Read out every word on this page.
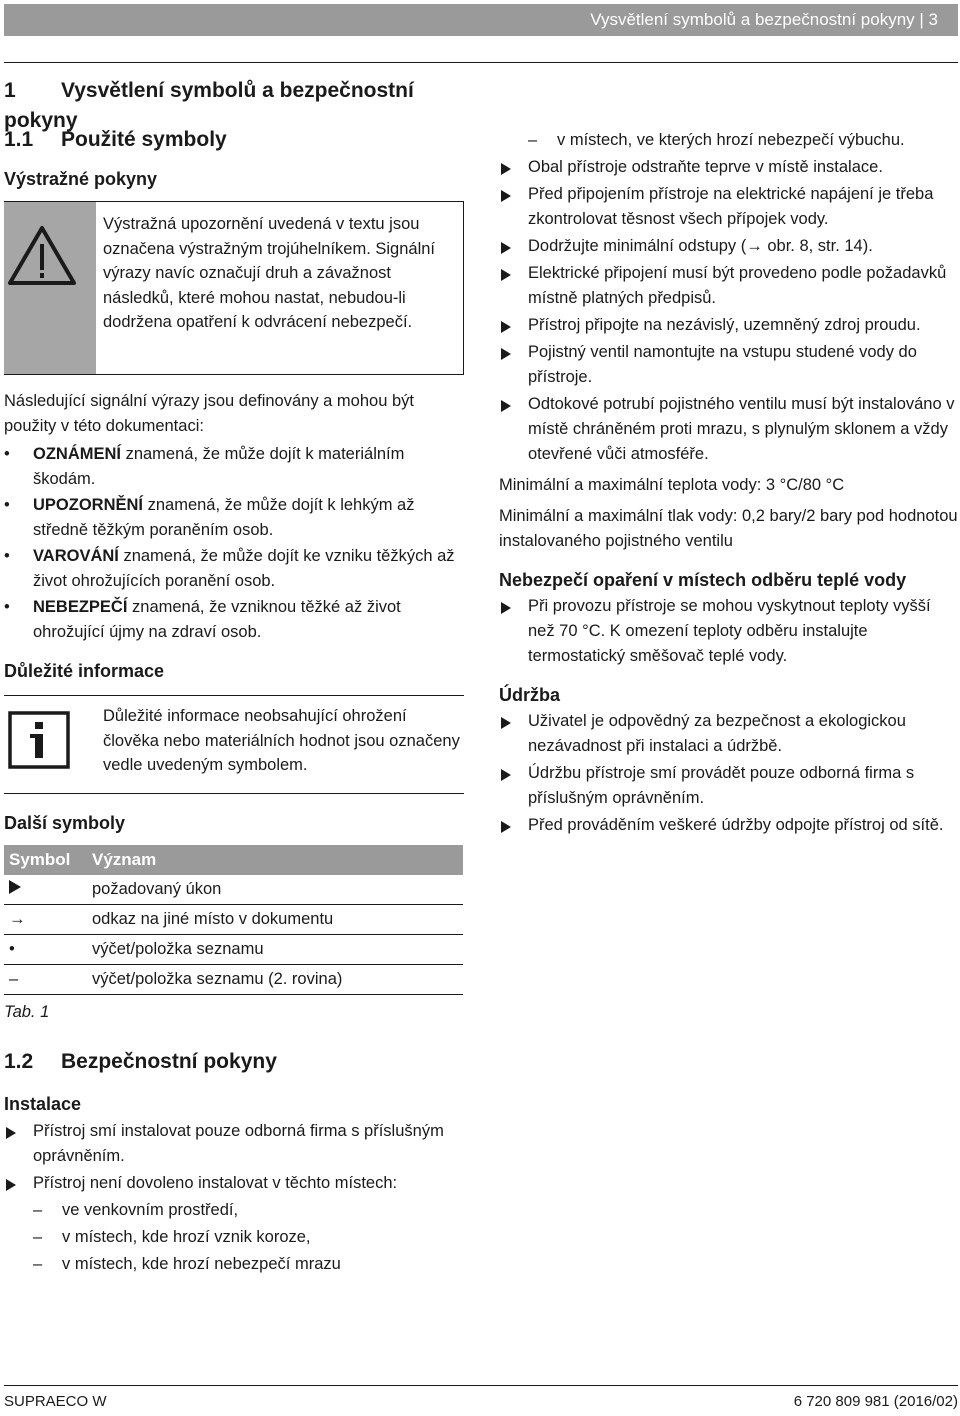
Vysvětlení symbolů a bezpečnostní pokyny | 3
1 Vysvětlení symbolů a bezpečnostní pokyny
1.1 Použité symboly
Výstražné pokyny
Výstražná upozornění uvedená v textu jsou označena výstražným trojúhelníkem. Signální výrazy navíc označují druh a závažnost následků, které mohou nastat, nebudou-li dodržena opatření k odvrácení nebezpečí.

Následující signální výrazy jsou definovány a mohou být použity v této dokumentaci:

•	OZNÁMENÍ znamená, že může dojít k materiálním škodám.
•	UPOZORNĚNÍ znamená, že může dojít k lehkým až středně těžkým poraněním osob.
•	VAROVÁNÍ znamená, že může dojít ke vzniku těžkých až život ohrožujících poranění osob.
•	NEBEZPEČÍ znamená, že vzniknou těžké až život ohrožující újmy na zdraví osob.
Důležité informace
Důležité informace neobsahující ohrožení člověka nebo materiálních hodnot jsou označeny vedle uvedeným symbolem.
Další symboly
Symbol	Význam
	požadovaný úkon
→	odkaz na jiné místo v dokumentu
•	výčet/položka seznamu
–	výčet/položka seznamu (2. rovina)
Tab. 1
1.2 Bezpečnostní pokyny
Instalace
Přístroj smí instalovat pouze odborná firma s příslušným oprávněním.
Přístroj není dovoleno instalovat v těchto místech:
– ve venkovním prostředí,
– v místech, kde hrozí vznik koroze,
– v místech, kde hrozí nebezpečí mrazu
– v místech, ve kterých hrozí nebezpečí výbuchu.
Obal přístroje odstraňte teprve v místě instalace.
Před připojením přístroje na elektrické napájení je třeba zkontrolovat těsnost všech přípojek vody.
Dodržujte minimální odstupy (→ obr. 8, str. 14).
Elektrické připojení musí být provedeno podle požadavků místně platných předpisů.
Přístroj připojte na nezávislý, uzemněný zdroj proudu.
Pojistný ventil namontujte na vstupu studené vody do přístroje.
Odtokové potrubí pojistného ventilu musí být instalováno v místě chráněném proti mrazu, s plynulým sklonem a vždy otevřené vůči atmosféře.

Minimální a maximální teplota vody: 3 °C/80 °C

Minimální a maximální tlak vody: 0,2 bary/2 bary pod hodnotou instalovaného pojistného ventilu

Nebezpečí opaření v místech odběru teplé vody
Při provozu přístroje se mohou vyskytnout teploty vyšší než 70 °C. K omezení teploty odběru instalujte termostatický směšovač teplé vody.
Údržba
Uživatel je odpovědný za bezpečnost a ekologickou nezávadnost při instalaci a údržbě.
Údržbu přístroje smí provádět pouze odborná firma s příslušným oprávněním.
Před prováděním veškeré údržby odpojte přístroj od sítě.
SUPRAECO W	6 720 809 981 (2016/02)
